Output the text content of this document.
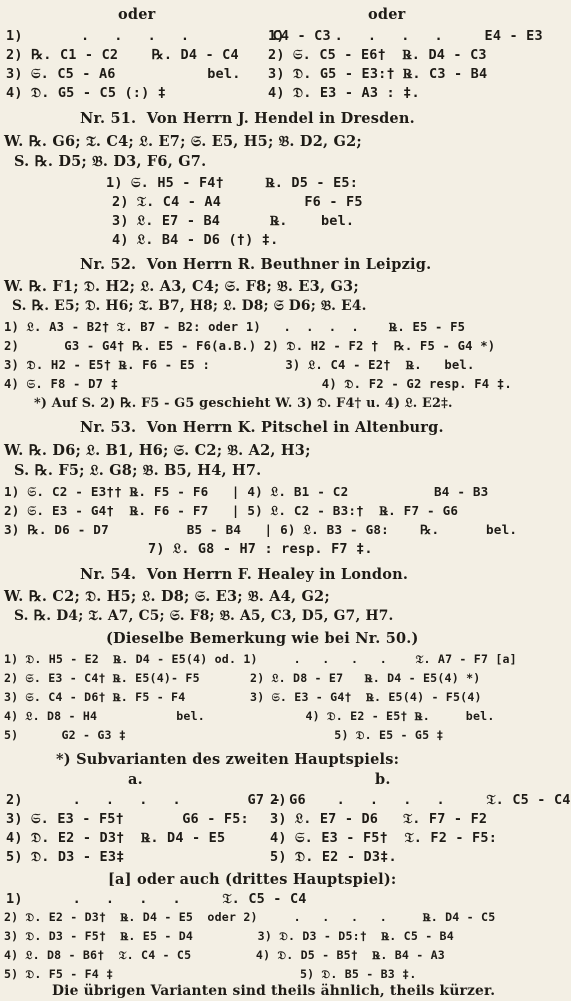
oder	oder
1)       .   .   .   .          C4 - C3
2) ℞. C1 - C2    ℞. D4 - C4
3) 𝔖. C5 - A6           bel.
4) 𝔇. G5 - C5 (:) ‡
1)      .   .   .   .     E4 - E3
2) 𝔖. C5 - E6†  ℞. D4 - C3
3) 𝔇. G5 - E3:† ℞. C3 - B4
4) 𝔇. E3 - A3 : ‡.
Nr. 51.  Von Herrn J. Hendel in Dresden.
W. ℞. G6; 𝔗. C4; 𝔏. E7; 𝔖. E5, H5; 𝔅. D2, G2;
S. ℞. D5; 𝔅. D3, F6, G7.
1) 𝔖. H5 - F4†     ℞. D5 - E5:
2) 𝔗. C4 - A4          F6 - F5
3) 𝔏. E7 - B4      ℞.    bel.
4) 𝔏. B4 - D6 (†) ‡.
Nr. 52.  Von Herrn R. Beuthner in Leipzig.
W. ℞. F1; 𝔇. H2; 𝔏. A3, C4; 𝔖. F8; 𝔅. E3, G3;
S. ℞. E5; 𝔇. H6; 𝔗. B7, H8; 𝔏. D8; 𝔖 D6; 𝔅. E4.
1) 𝔏. A3 - B2† 𝔗. B7 - B2: oder 1)   .  .  .  .    ℞. E5 - F5
2)      G3 - G4† ℞. E5 - F6(a.B.) 2) 𝔇. H2 - F2 †  ℞. F5 - G4 *)
3) 𝔇. H2 - E5† ℞. F6 - E5 :          3) 𝔏. C4 - E2†  ℞.   bel.
4) 𝔖. F8 - D7 ‡                           4) 𝔇. F2 - G2 resp. F4 ‡.
*) Auf S. 2) ℞. F5 - G5 geschieht W. 3) 𝔇. F4† u. 4) 𝔏. E2‡.
Nr. 53.  Von Herrn K. Pitschel in Altenburg.
W. ℞. D6; 𝔏. B1, H6; 𝔖. C2; 𝔅. A2, H3;
S. ℞. F5; 𝔏. G8; 𝔅. B5, H4, H7.
1) 𝔖. C2 - E3†† ℞. F5 - F6   | 4) 𝔏. B1 - C2           B4 - B3
2) 𝔖. E3 - G4†  ℞. F6 - F7   | 5) 𝔏. C2 - B3:†  ℞. F7 - G6
3) ℞. D6 - D7          B5 - B4   | 6) 𝔏. B3 - G8:    ℞.      bel.
7) 𝔏. G8 - H7 : resp. F7 ‡.
Nr. 54.  Von Herrn F. Healey in London.
W. ℞. C2; 𝔇. H5; 𝔏. D8; 𝔖. E3; 𝔅. A4, G2;
S. ℞. D4; 𝔗. A7, C5; 𝔖. F8; 𝔅. A5, C3, D5, G7, H7.
(Dieselbe Bemerkung wie bei Nr. 50.)
1) 𝔇. H5 - E2  ℞. D4 - E5(4) od. 1)     .   .   .   .    𝔗. A7 - F7 [a]
2) 𝔖. E3 - C4† ℞. E5(4)- F5       2) 𝔏. D8 - E7   ℞. D4 - E5(4) *)
3) 𝔖. C4 - D6† ℞. F5 - F4         3) 𝔖. E3 - G4†  ℞. E5(4) - F5(4)
4) 𝔏. D8 - H4           bel.              4) 𝔇. E2 - E5† ℞.     bel.
5)      G2 - G3 ‡                             5) 𝔇. E5 - G5 ‡
*) Subvarianten des zweiten Hauptspiels:
a.	b.
2)      .   .   .   .        G7 - G6
3) 𝔖. E3 - F5†       G6 - F5:
4) 𝔇. E2 - D3†  ℞. D4 - E5
5) 𝔇. D3 - E3‡
2)      .   .   .   .     𝔗. C5 - C4
3) 𝔏. E7 - D6   𝔗. F7 - F2
4) 𝔖. E3 - F5†  𝔗. F2 - F5:
5) 𝔇. E2 - D3‡.
[a] oder auch (drittes Hauptspiel):
1)      .   .   .   .     𝔗. C5 - C4
2) 𝔇. E2 - D3†  ℞. D4 - E5  oder 2)     .   .   .   .     ℞. D4 - C5
3) 𝔇. D3 - F5†  ℞. E5 - D4         3) 𝔇. D3 - D5:†  ℞. C5 - B4
4) 𝔏. D8 - B6†  𝔗. C4 - C5         4) 𝔇. D5 - B5†  ℞. B4 - A3
5) 𝔇. F5 - F4 ‡                          5) 𝔇. B5 - B3 ‡.
Die übrigen Varianten sind theils ähnlich, theils kürzer.
